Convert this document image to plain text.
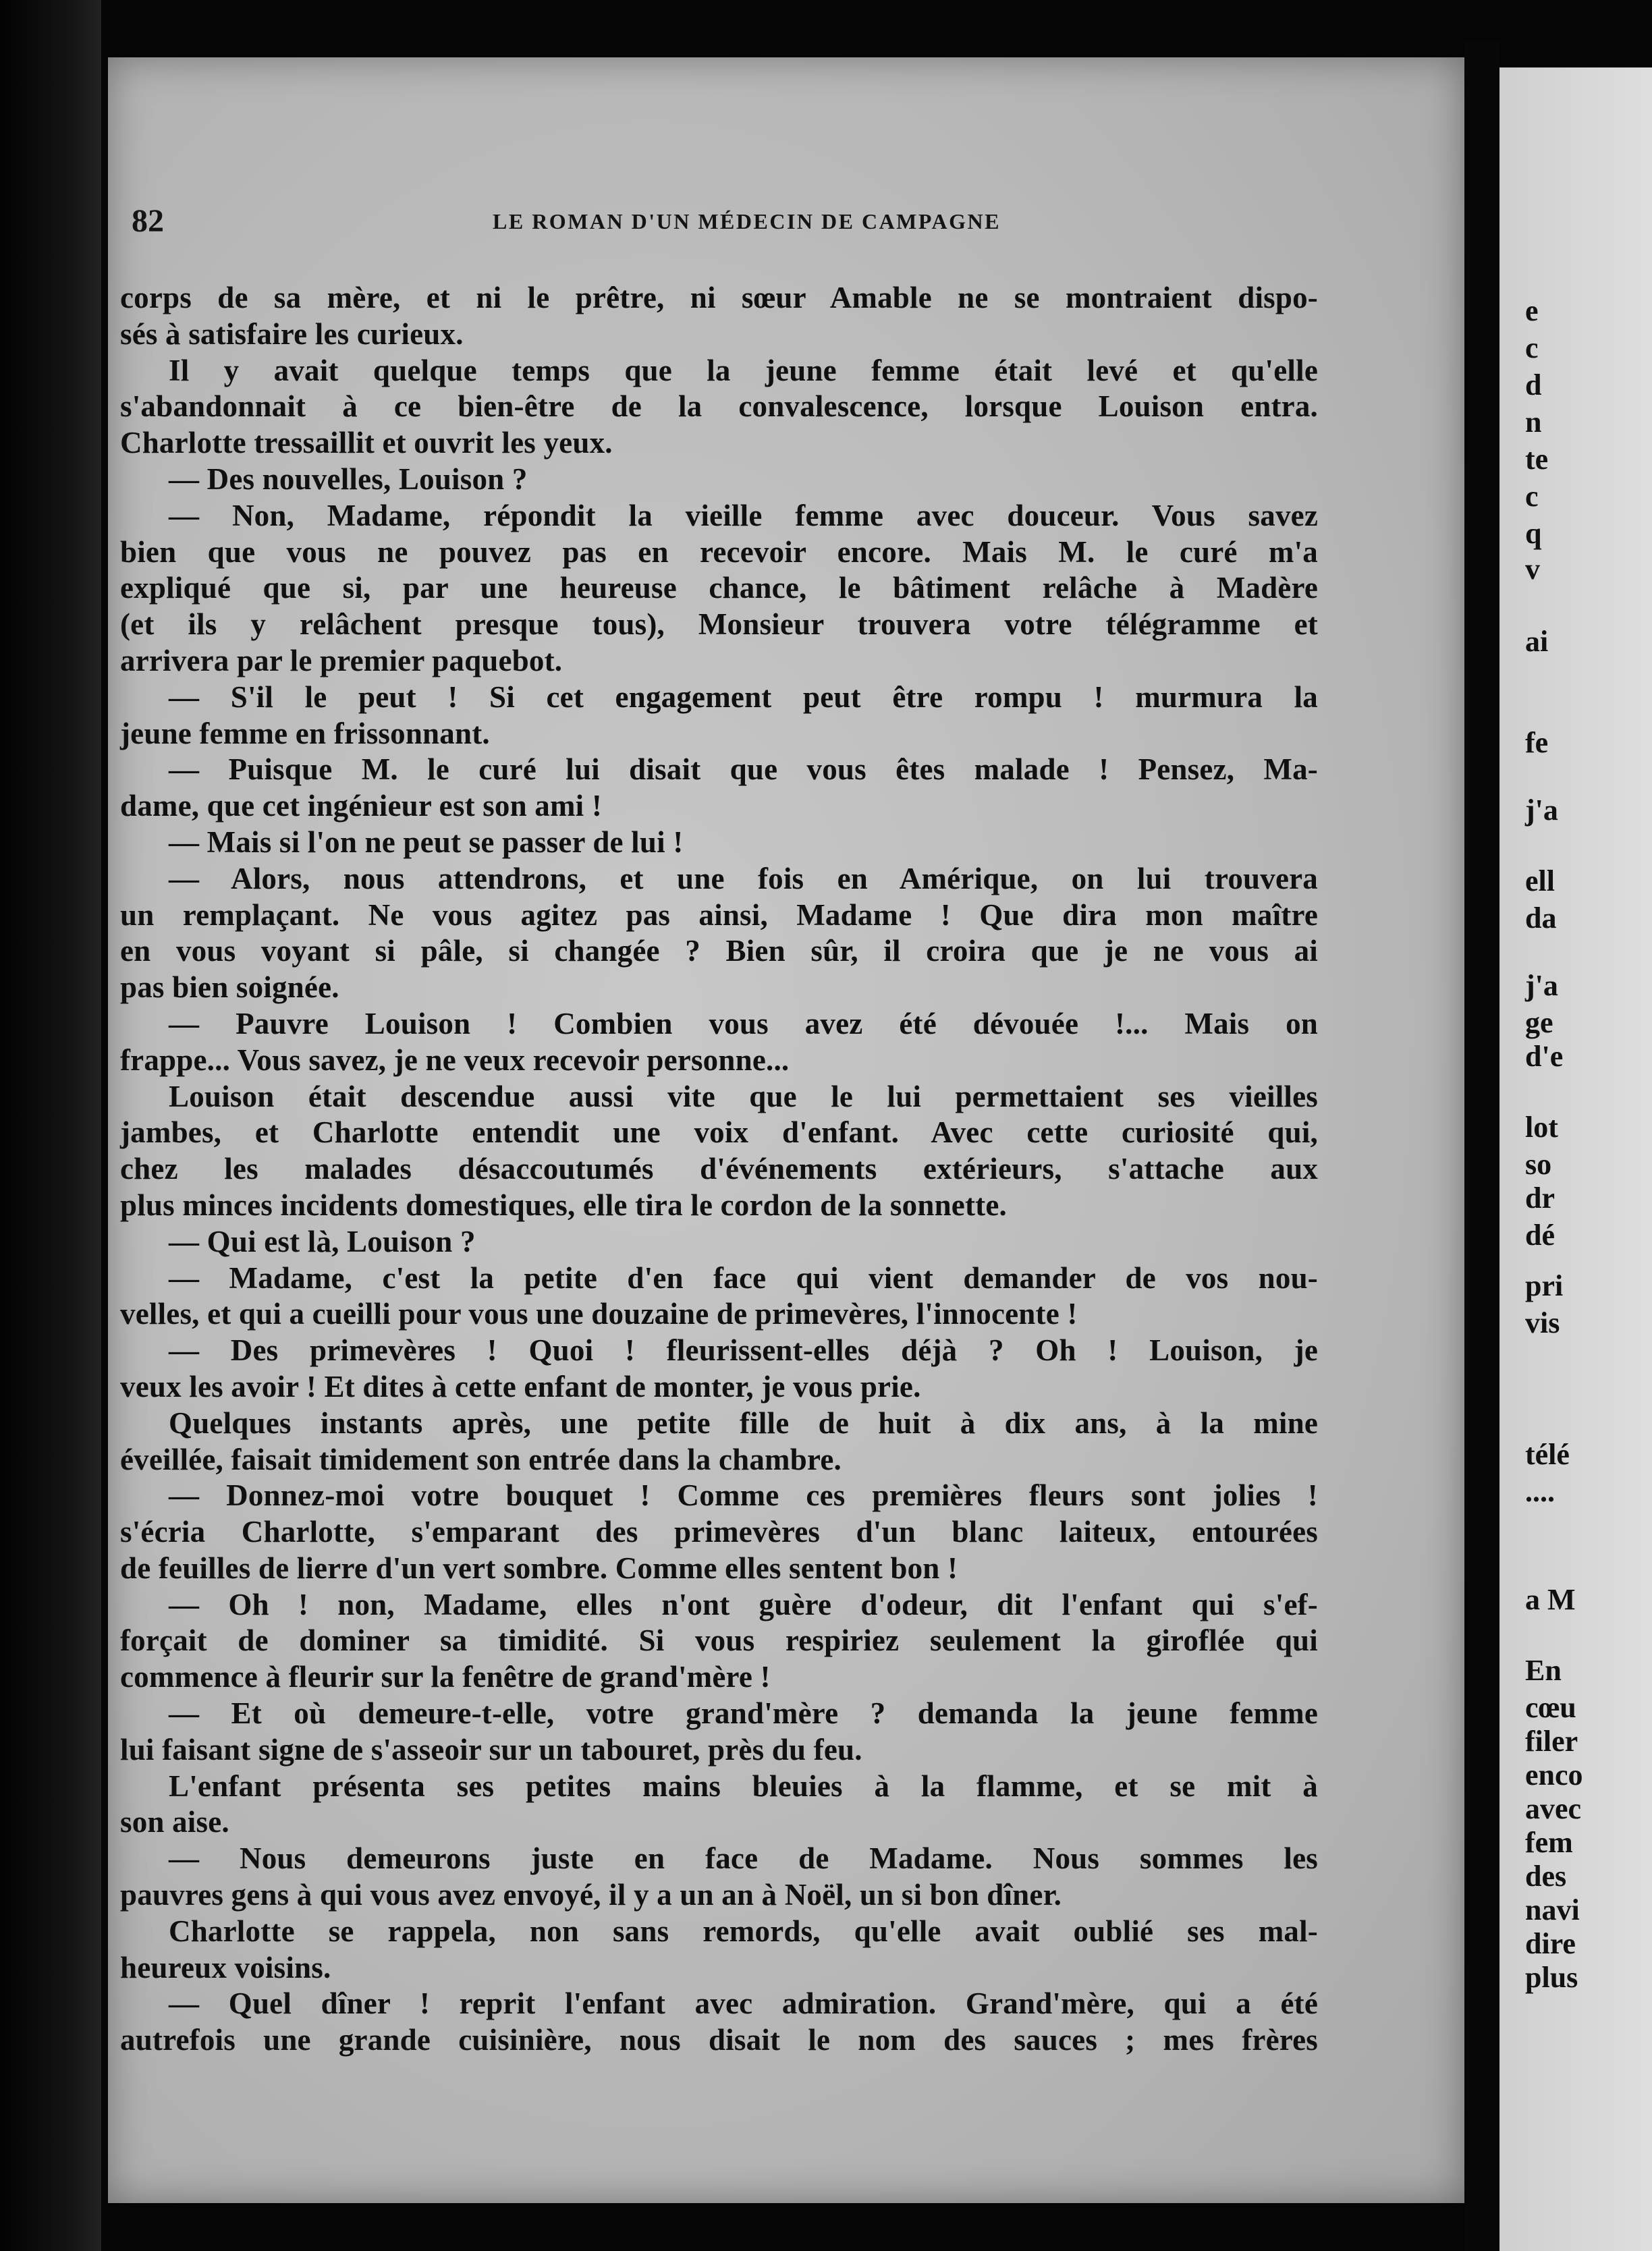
82	LE ROMAN D'UN MÉDECIN DE CAMPAGNE
corps de sa mère, et ni le prêtre, ni sœur Amable ne se montraient dispo-
sés à satisfaire les curieux.
Il y avait quelque temps que la jeune femme était levé et qu'elle
s'abandonnait à ce bien-être de la convalescence, lorsque Louison entra.
Charlotte tressaillit et ouvrit les yeux.
— Des nouvelles, Louison ?
— Non, Madame, répondit la vieille femme avec douceur. Vous savez
bien que vous ne pouvez pas en recevoir encore. Mais M. le curé m'a
expliqué que si, par une heureuse chance, le bâtiment relâche à Madère
(et ils y relâchent presque tous), Monsieur trouvera votre télégramme et
arrivera par le premier paquebot.
— S'il le peut ! Si cet engagement peut être rompu ! murmura la
jeune femme en frissonnant.
— Puisque M. le curé lui disait que vous êtes malade ! Pensez, Ma-
dame, que cet ingénieur est son ami !
— Mais si l'on ne peut se passer de lui !
— Alors, nous attendrons, et une fois en Amérique, on lui trouvera
un remplaçant. Ne vous agitez pas ainsi, Madame ! Que dira mon maître
en vous voyant si pâle, si changée ? Bien sûr, il croira que je ne vous ai
pas bien soignée.
— Pauvre Louison ! Combien vous avez été dévouée !... Mais on
frappe... Vous savez, je ne veux recevoir personne...
Louison était descendue aussi vite que le lui permettaient ses vieilles
jambes, et Charlotte entendit une voix d'enfant. Avec cette curiosité qui,
chez les malades désaccoutumés d'événements extérieurs, s'attache aux
plus minces incidents domestiques, elle tira le cordon de la sonnette.
— Qui est là, Louison ?
— Madame, c'est la petite d'en face qui vient demander de vos nou-
velles, et qui a cueilli pour vous une douzaine de primevères, l'innocente !
— Des primevères ! Quoi ! fleurissent-elles déjà ? Oh ! Louison, je
veux les avoir ! Et dites à cette enfant de monter, je vous prie.
Quelques instants après, une petite fille de huit à dix ans, à la mine
éveillée, faisait timidement son entrée dans la chambre.
— Donnez-moi votre bouquet ! Comme ces premières fleurs sont jolies !
s'écria Charlotte, s'emparant des primevères d'un blanc laiteux, entourées
de feuilles de lierre d'un vert sombre. Comme elles sentent bon !
— Oh ! non, Madame, elles n'ont guère d'odeur, dit l'enfant qui s'ef-
forçait de dominer sa timidité. Si vous respiriez seulement la giroflée qui
commence à fleurir sur la fenêtre de grand'mère !
— Et où demeure-t-elle, votre grand'mère ? demanda la jeune femme
lui faisant signe de s'asseoir sur un tabouret, près du feu.
L'enfant présenta ses petites mains bleuies à la flamme, et se mit à
son aise.
— Nous demeurons juste en face de Madame. Nous sommes les
pauvres gens à qui vous avez envoyé, il y a un an à Noël, un si bon dîner.
Charlotte se rappela, non sans remords, qu'elle avait oublié ses mal-
heureux voisins.
— Quel dîner ! reprit l'enfant avec admiration. Grand'mère, qui a été
autrefois une grande cuisinière, nous disait le nom des sauces ; mes frères
e
c
d
n
te
c
q
v
ai
fe
j'a
ell
da
j'a
ge
d'e
lot
so
dr
dé
pri
vis
télé
....
a M
En
cœu
filer
enco
avec
fem
des
navi
dire
plus
